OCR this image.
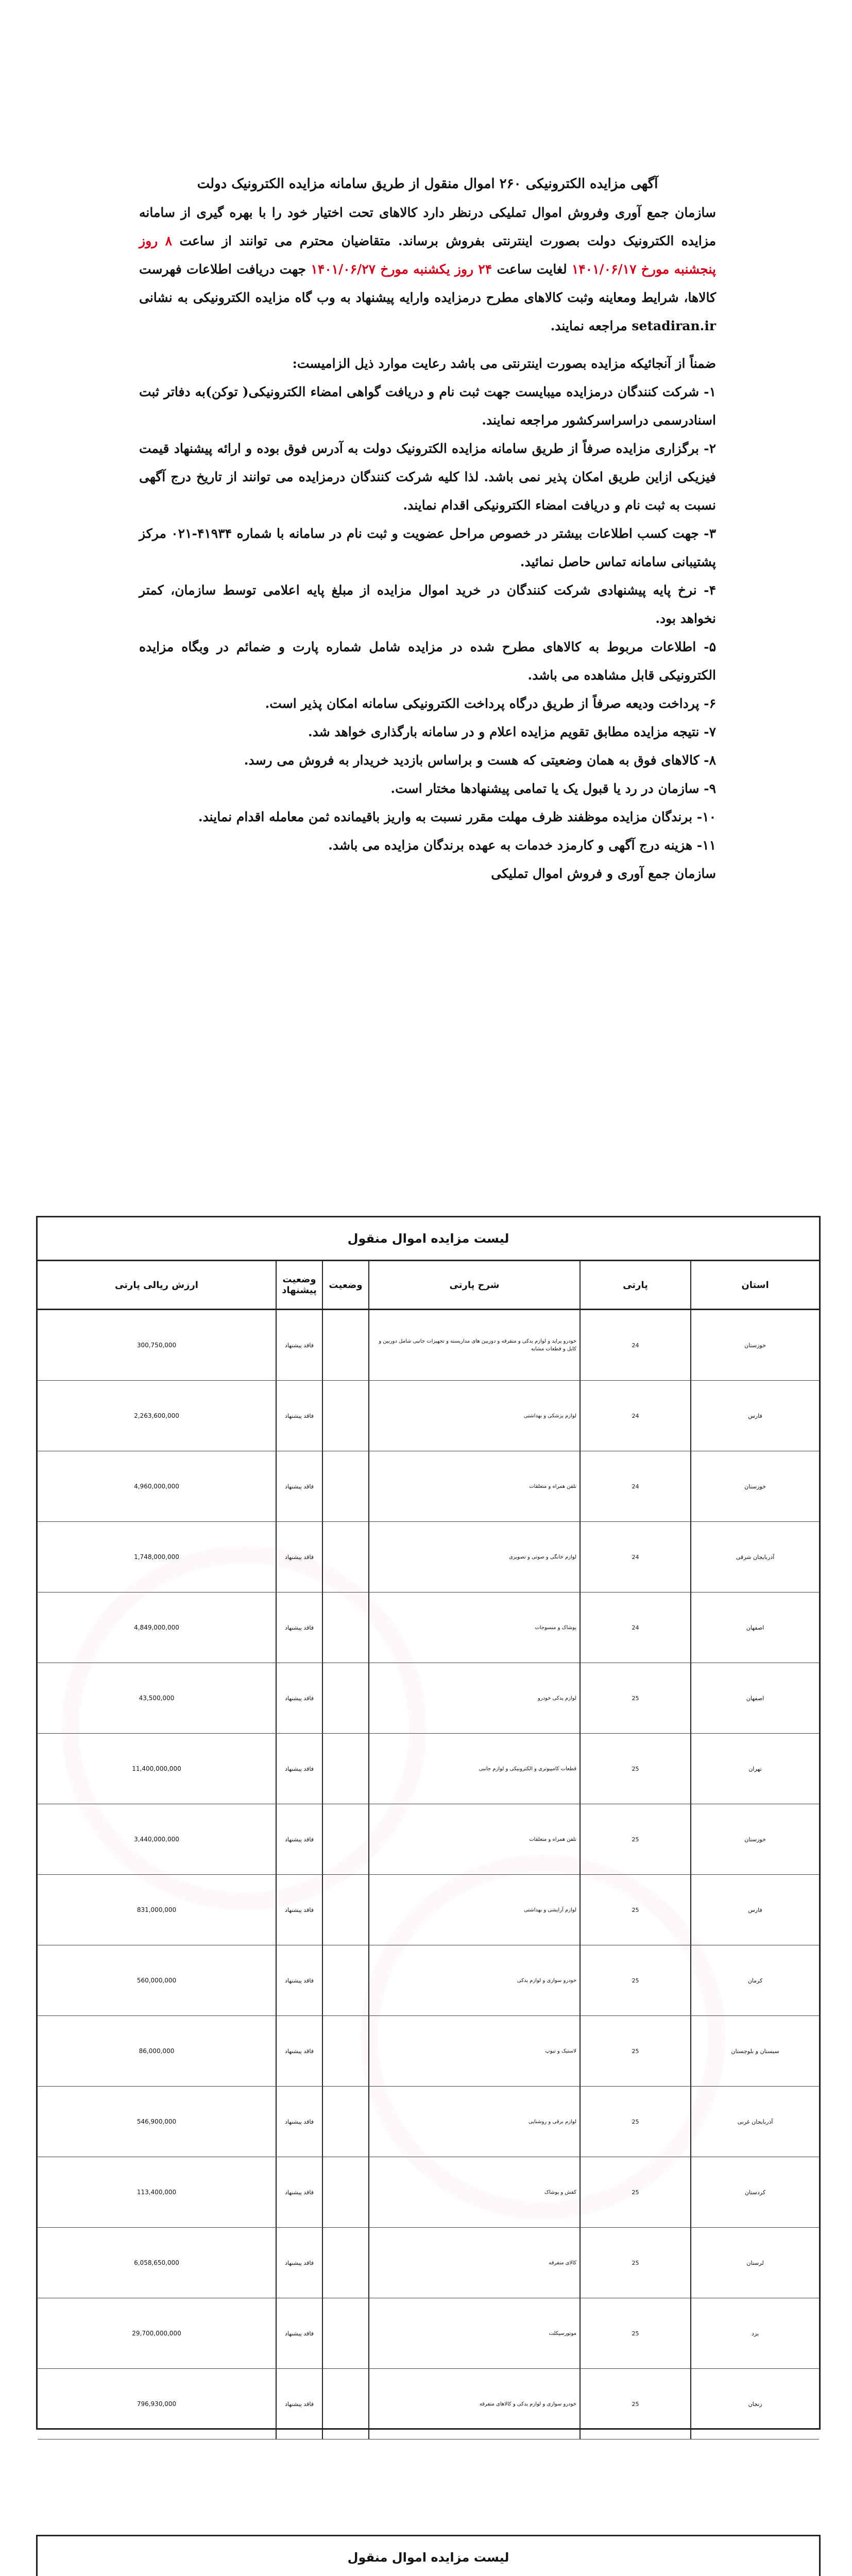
آگهی مزایده الکترونیکی ۲۶۰ اموال منقول از طریق سامانه مزایده الکترونیک دولت

سازمان جمع آوری وفروش اموال تملیکی درنظر دارد کالاهای تحت اختیار خود را با بهره گیری از سامانه مزایده الکترونیک دولت بصورت اینترنتی بفروش برساند. متقاضیان محترم می توانند از ساعت ۸ روز پنجشنبه مورخ ۱۴۰۱/۰۶/۱۷ لغایت ساعت ۲۴ روز یکشنبه مورخ ۱۴۰۱/۰۶/۲۷ جهت دریافت اطلاعات فهرست کالاها، شرایط ومعاینه وثبت کالاهای مطرح درمزایده وارایه پیشنهاد به وب گاه مزایده الکترونیکی به نشانی setadiran.ir مراجعه نمایند.

ضمناً از آنجائیکه مزایده بصورت اینترنتی می باشد رعایت موارد ذیل الزامیست:

۱- شرکت کنندگان درمزایده میبایست جهت ثبت نام و دریافت گواهی امضاء الکترونیکی( توکن)به دفاتر ثبت اسنادرسمی دراسراسرکشور مراجعه نمایند.

۲- برگزاری مزایده صرفاً از طریق سامانه مزایده الکترونیک دولت به آدرس فوق بوده و ارائه پیشنهاد قیمت فیزیکی ازاین طریق امکان پذیر نمی باشد. لذا کلیه شرکت کنندگان درمزایده می توانند از تاریخ درج آگهی نسبت به ثبت نام و دریافت امضاء الکترونیکی اقدام نمایند.

۳- جهت کسب اطلاعات بیشتر در خصوص مراحل عضویت و ثبت نام در سامانه با شماره ۴۱۹۳۴-۰۲۱ مرکز پشتیبانی سامانه تماس حاصل نمائید.

۴- نرخ پایه پیشنهادی شرکت کنندگان در خرید اموال مزایده از مبلغ پایه اعلامی توسط سازمان، کمتر نخواهد بود.

۵- اطلاعات مربوط به کالاهای مطرح شده در مزایده شامل شماره پارت و ضمائم در وبگاه مزایده الکترونیکی قابل مشاهده می باشد.

۶- پرداخت ودیعه صرفاً از طریق درگاه پرداخت الکترونیکی سامانه امکان پذیر است.

۷- نتیجه مزایده مطابق تقویم مزایده اعلام و در سامانه بارگذاری خواهد شد.

۸- کالاهای فوق به همان وضعیتی که هست و براساس بازدید خریدار به فروش می رسد.

۹- سازمان در رد یا قبول یک یا تمامی پیشنهادها مختار است.

۱۰- برندگان مزایده موظفند ظرف مهلت مقرر نسبت به واریز باقیمانده ثمن معامله اقدام نمایند.

۱۱- هزینه درج آگهی و کارمزد خدمات به عهده برندگان مزایده می باشد.

سازمان جمع آوری و فروش اموال تملیکی

لیست مزایده اموال منقول
استان
پارتی
شرح پارتی
وضعیت
وضعیت پیشنهاد
ارزش ریالی پارتی
خوزستان
24
خودرو پراید و لوازم یدکی و متفرقه و دوربین های مداربسته و تجهیزات جانبی شامل دوربین و کابل و قطعات مشابه
فاقد پیشنهاد
300,750,000
فارس
24
لوازم پزشکی و بهداشتی
فاقد پیشنهاد
2,263,600,000
خوزستان
24
تلفن همراه و متعلقات
فاقد پیشنهاد
4,960,000,000
آذربایجان شرقی
24
لوازم خانگی و صوتی و تصویری
فاقد پیشنهاد
1,748,000,000
اصفهان
24
پوشاک و منسوجات
فاقد پیشنهاد
4,849,000,000
اصفهان
25
لوازم یدکی خودرو
فاقد پیشنهاد
43,500,000
تهران
25
قطعات کامپیوتری و الکترونیکی و لوازم جانبی
فاقد پیشنهاد
11,400,000,000
خوزستان
25
تلفن همراه و متعلقات
فاقد پیشنهاد
3,440,000,000
فارس
25
لوازم آرایشی و بهداشتی
فاقد پیشنهاد
831,000,000
کرمان
25
خودرو سواری و لوازم یدکی
فاقد پیشنهاد
560,000,000
سیستان و بلوچستان
25
لاستیک و تیوپ
فاقد پیشنهاد
86,000,000
آذربایجان غربی
25
لوازم برقی و روشنایی
فاقد پیشنهاد
546,900,000
کردستان
25
کفش و پوشاک
فاقد پیشنهاد
113,400,000
لرستان
25
کالای متفرقه
فاقد پیشنهاد
6,058,650,000
یزد
25
موتورسیکلت
فاقد پیشنهاد
29,700,000,000
زنجان
25
خودرو سواری و لوازم یدکی و کالاهای متفرقه
فاقد پیشنهاد
796,930,000
لیست مزایده اموال منقول
